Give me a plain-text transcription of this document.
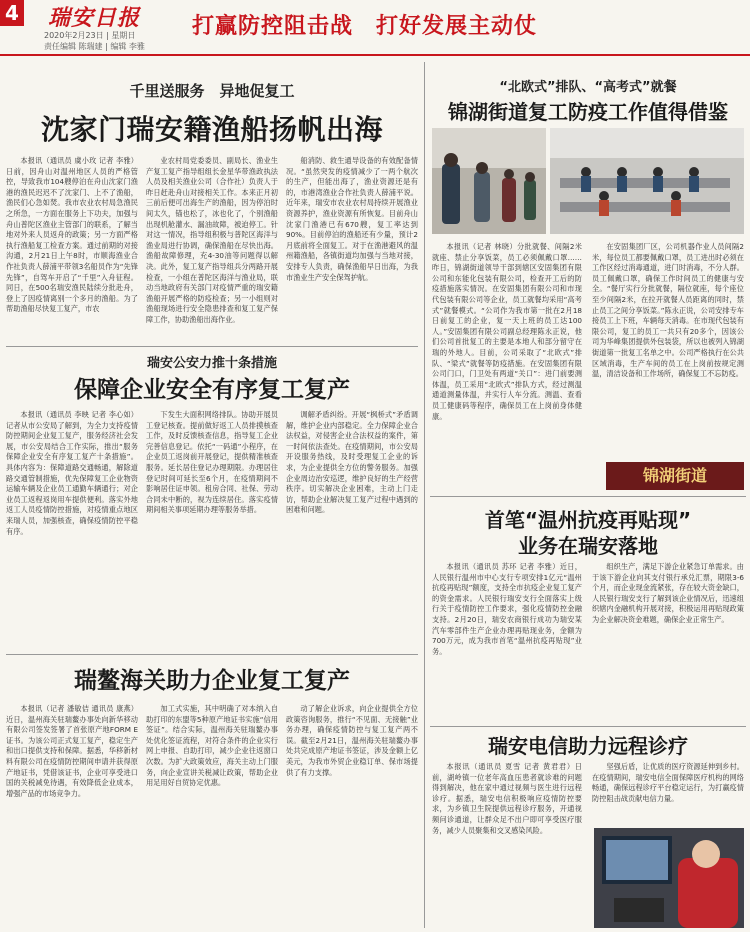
4 瑞安日报
2020年2月23日 | 星期日
责任编辑 陈瑞建 | 编辑 李雅
打赢防控阻击战　打好发展主动仗
千里送服务　异地促复工
沈家门瑞安籍渔船扬帆出海

本报讯（通讯员 虞小玫 记者 李雅）日前，因舟山对温州地区人员的严格管控，导致我市104艘停泊在舟山沈家门渔港的渔民迟迟不了沈家门、上不了渔船，渔民们心急如焚。我市农业农村局急渔民之所急，一方面在服务上下功夫，加强与舟山普陀区渔业主管部门的联系，了解当地对外来人员返舟的政策；另一方面严格执行渔船复工检查方案。通过前期的对接沟通，2月21日上午8时，市顺海渔业合作社负责人薛浦平带领3名船员作为“先锋先锋”，自驾车开启了“千里”入舟征程。同日，在500名瑞安渔民陆续分批赴舟，登上了因疫情离别一个多月的渔船。为了帮助渔船尽快复工复产，市农

业农村局党委委员、副局长、渔业生产复工复产指导组组长金星华带渔政执法人员及相关渔业公司（合作社）负责人于昨日赶赴舟山对接相关工作。本来正月初三前后便可出海生产的渔船，因为停泊时间太久，锚也松了，冰也化了，个别渔船出现机舱灌水、漏油故障，被迫停工。针对这一情况，指导组积极与普陀区海洋与渔业局进行协调，确保渔船在尽快出海。渔船故障修理，充4-30油等问题得以解决。此外，复工复产指导组兵分两路开展检查，一小组在普陀区海洋与渔业局，联动当地政府有关部门对疫情严重的瑞安籍渔船开展严格的防疫检查；另一小组则对渔船现场进行安全隐患排查和复工复产保障工作，协助渔船出海作业。

船消防、救生通导设备的有效配备情况。“虽然突发的疫情减少了一两个航次的生产，但能出海了，渔业资源还是有的，市港湾渔业合作社负责人薛浦平说。近年来，瑞安市农业农村局持续开展渔业资源养护，渔业资源有所恢复。目前舟山沈家门渔港已有670艘，复工率达到90%。目前停泊的渔船还有少量，预计2月底前将全面复工。对于在渔港避风的温州籍渔船，各镇街道均加强与当地对接，安排专人负责，确保渔船早日出海，为我市渔业生产安全保驾护航。

瑞安公安力推十条措施
保障企业安全有序复工复产

本报讯（通讯员 李映 记者 李心如）记者从市公安局了解到，为全力支持疫情防控期间企业复工复产，服务经济社会发展，市公安局结合工作实际，推出“服务保障企业安全有序复工复产十条措施”。具体内容为：保障道路交通畅通，解除道路交通管制措施，优先保障复工企业物资运输车辆及企业员工通勤车辆通行；对企业员工返程返岗用车提供便利。落实外地返工人员疫情防控措施，对疫情重点地区来瑞人员，加强核查，确保疫情防控平稳有序。

下发生大面积网络排队。协助开展员工登记核查。提前做好返工人员排摸核查工作，及时反馈核查信息，指导复工企业完善信息登记。依托“一码通”小程序，在企业员工返岗前开展登记，提供精准核查服务。延长居住登记办理期限。办理居住登记时间可延长至6个月，在疫情期间不影响居住证申领。租房合同、社保、劳动合同未中断的，视为连续居住。落实疫情期间相关事项延期办理等服务举措。

调解矛盾纠纷。开展“枫桥式”矛盾调解，维护企业内部稳定。全力保障企业合法权益，对侵害企业合法权益的案件，第一时间依法查处。在疫情期间，市公安局开设服务热线，及时受理复工企业的诉求，为企业提供全方位的警务服务。加强企业周边治安巡逻，维护良好的生产经营秩序。切实解决企业困难，主动上门走访，帮助企业解决复工复产过程中遇到的困难和问题。

瑞鳌海关助力企业复工复产

本报讯（记者 潘敏佶 通讯员 康燕）近日，温州海关驻瑞鳌办事处向新华移动有限公司签发签署了首张原产地FORM E证书。为该公司正式复工复产，稳定生产和出口提供支持和保障。据悉，华移新材料有限公司在疫情防控期间申请并获得原产地证书，凭借该证书，企业可享受进口国的关税减免待遇，有效降低企业成本，增强产品的市场竞争力。

加工式实施，其中明确了对本纳入自助打印的东盟等5种原产地证书实施“信用签证”。结合实际，温州海关驻瑞鳌办事处优化签证流程，对符合条件的企业实行网上申报、自助打印，减少企业往返窗口次数。为扩大政策效应，海关主动上门服务，向企业宣讲关税减让政策，帮助企业用足用好自贸协定优惠。

动了解企业诉求，向企业提供全方位政策咨询服务，推行“不见面、无接触”业务办理，确保疫情防控与复工复产两不误。截至2月21日，温州海关驻瑞鳌办事处共完成原产地证书签证，涉及金额上亿美元，为我市外贸企业稳订单、保市场提供了有力支撑。

“北欧式”排队、“高考式”就餐
锦湖街道复工防疫工作值得借鉴

本报讯（记者 林晓）分批就餐、间隔2米就座、禁止分享饭菜，员工必须佩戴口罩……昨日，锦湖街道领导干部到辖区安固集团有限公司和东能化包装有限公司，检查开工后的防疫措施落实情况。在安固集团有限公司和市现代包装有限公司等企业，员工就餐均采用“高考式”就餐模式。“公司作为我市第一批在2月18日前复工的企业，复一天上班的员工达100人。”安固集团有限公司副总经理陈永正说，他们公司首批复工的主要是本地人和部分留守在瑞的外地人。目前，公司采取了“北欧式”排队、“梁式”就餐等防疫措施。在安固集团有限公司门口，门卫处有两道“关口”：进门前要测体温，员工采用“北欧式”排队方式，经过测温通道测量体温，并实行人车分流。测温、查看员工健康码等程序，确保员工在上岗前身体健康。

在安固集团厂区，公司机器作业人员间隔2米，每位员工都要佩戴口罩，员工进出时必须在工作区经过消毒通道，进门时消毒，不分人群。员工佩戴口罩，确保工作时间员工的健康与安全。“餐厅实行分批就餐，隔位就座，每个座位至少间隔2米，在拉开就餐人员距离的同时，禁止员工之间分享饭菜。”陈永正说，公司安排专车接员工上下班，车辆每天消毒。在市现代包装有限公司，复工的员工一共只有20多个，因该公司为华峰集团提供外包装袋，所以也被列入锦湖街道第一批复工名单之中。公司严格执行在公共区域消毒，生产车间的员工在上岗前按规定测温，清洁设备和工作场所，确保复工不忘防疫。

锦湖街道
首笔“温州抗疫再贴现”
业务在瑞安落地

本报讯（通讯员 苏环 记者 李雅）近日，人民银行温州市中心支行专项安排1亿元“温州抗疫再贴现”额度，支持全市抗疫企业复工复产的资金需求。人民银行瑞安支行全面落实上级行关于疫情防控工作要求，强化疫情防控金融支持。2月20日，瑞安农商银行成功为瑞安某汽车零部件生产企业办理再贴现业务，金额为700万元，成为我市首笔“温州抗疫再贴现”业务。

组织生产，满足下游企业紧急订单需求。由于该下游企业向其支付银行承兑汇票，期限3-6个月，而企业现金流紧张，存在较大资金缺口，人民银行瑞安支行了解到该企业情况后，迅速组织辖内金融机构开展对接，积极运用再贴现政策为企业解决资金难题，确保企业正常生产。

瑞安电信助力远程诊疗

本报讯（通讯员 夏雪 记者 黄君君）日前，湖岭镇一位老年高血压患者就诊难的问题得到解决，他在家中通过视频与医生进行远程诊疗。据悉，瑞安电信积极响应疫情防控要求，为乡镇卫生院提供远程诊疗服务，开通视频问诊通道，让群众足不出户即可享受医疗服务，减少人员聚集和交叉感染风险。

坚强后盾，让优质的医疗资源延伸到乡村。在疫情期间，瑞安电信全面保障医疗机构的网络畅通，确保远程诊疗平台稳定运行，为打赢疫情防控阻击战贡献电信力量。
